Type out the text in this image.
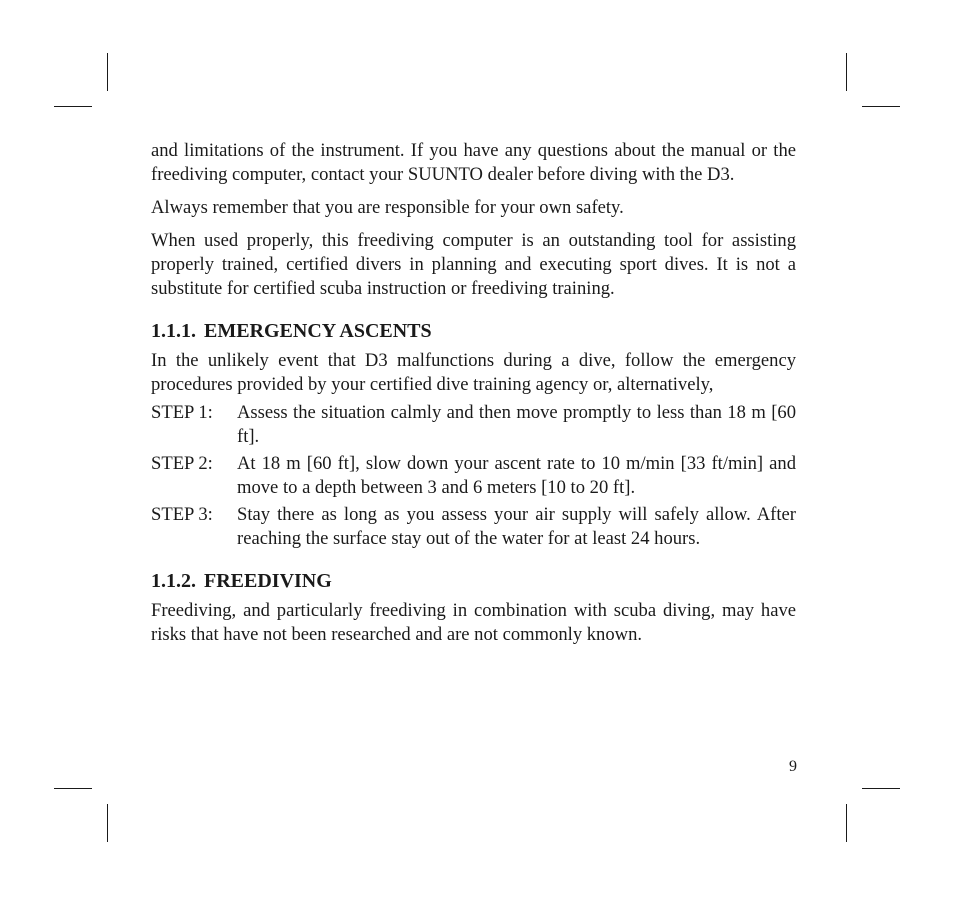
and limitations of the instrument. If you have any questions about the manual or the freediving computer, contact your SUUNTO dealer before diving with the D3.

Always remember that you are responsible for your own safety.

When used properly, this freediving computer is an outstanding tool for assisting properly trained, certified divers in planning and executing sport dives. It is not a substitute for certified scuba instruction or freediving training.

1.1.1. EMERGENCY ASCENTS

In the unlikely event that D3 malfunctions during a dive, follow the emergency procedures provided by your certified dive training agency or, alternatively,

STEP 1:	Assess the situation calmly and then move promptly to less than 18 m [60 ft].
STEP 2:	At 18 m [60 ft], slow down your ascent rate to 10 m/min [33 ft/min] and move to a depth between 3 and 6 meters [10 to 20 ft].
STEP 3:	Stay there as long as you assess your air supply will safely allow. After reaching the surface stay out of the water for at least 24 hours.
1.1.2. FREEDIVING

Freediving, and particularly freediving in combination with scuba diving, may have risks that have not been researched and are not commonly known.

9
